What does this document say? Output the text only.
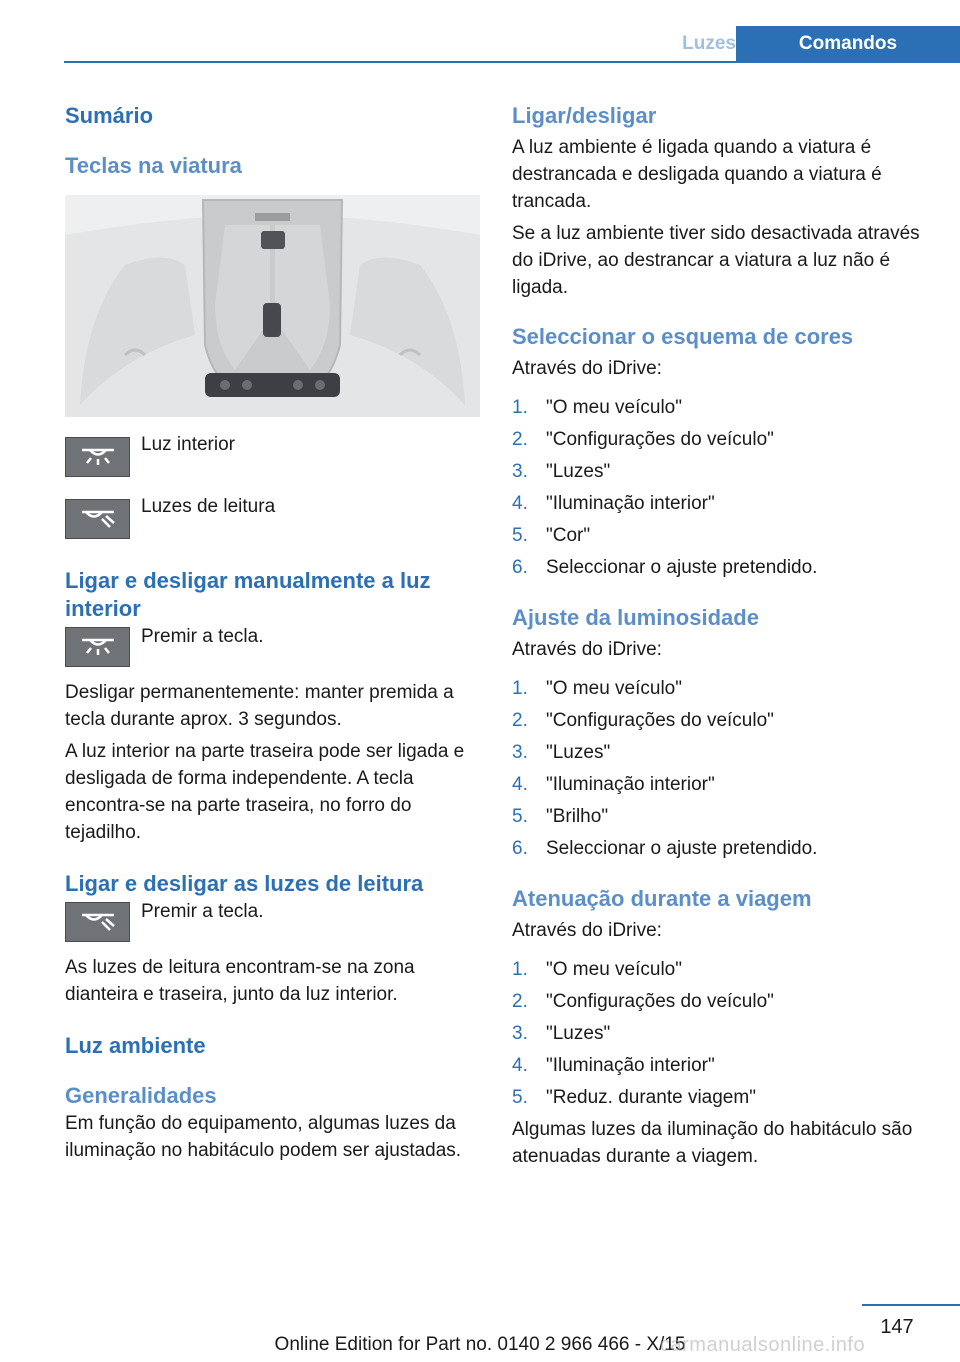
Luzes	Comandos
Sumário
Teclas na viatura

Luz interior

Luzes de leitura

Ligar e desligar manualmente a luz interior

Premir a tecla.

Desligar permanentemente: manter premida a tecla durante aprox. 3 segundos.

A luz interior na parte traseira pode ser ligada e desligada de forma independente. A tecla encontra-se na parte traseira, no forro do tejadilho.

Ligar e desligar as luzes de leitura

Premir a tecla.

As luzes de leitura encontram-se na zona dianteira e traseira, junto da luz interior.

Luz ambiente
Generalidades

Em função do equipamento, algumas luzes da iluminação no habitáculo podem ser ajustadas.

Ligar/desligar

A luz ambiente é ligada quando a viatura é destrancada e desligada quando a viatura é trancada.

Se a luz ambiente tiver sido desactivada através do iDrive, ao destrancar a viatura a luz não é ligada.

Seleccionar o esquema de cores

Através do iDrive:

1. "O meu veículo"
2. "Configurações do veículo"
3. "Luzes"
4. "Iluminação interior"
5. "Cor"
6. Seleccionar o ajuste pretendido.
Ajuste da luminosidade

Através do iDrive:

1. "O meu veículo"
2. "Configurações do veículo"
3. "Luzes"
4. "Iluminação interior"
5. "Brilho"
6. Seleccionar o ajuste pretendido.
Atenuação durante a viagem

Através do iDrive:

1. "O meu veículo"
2. "Configurações do veículo"
3. "Luzes"
4. "Iluminação interior"
5. "Reduz. durante viagem"

Algumas luzes da iluminação do habitáculo são atenuadas durante a viagem.

147
Online Edition for Part no. 0140 2 966 466 - X/15
carmanualsonline.info
